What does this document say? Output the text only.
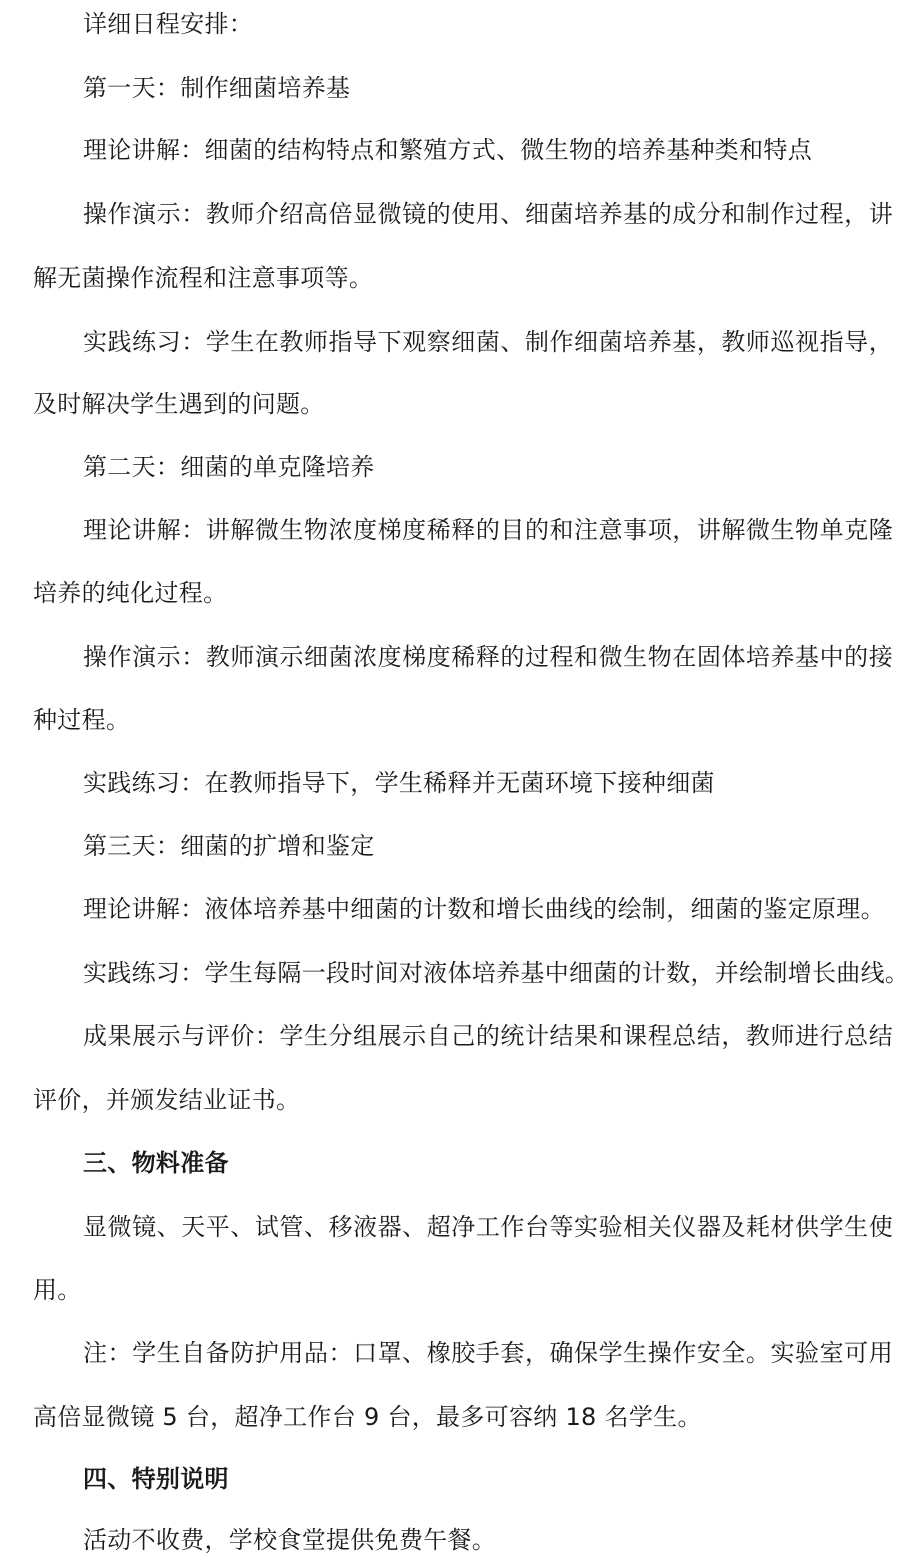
详细日程安排：
第一天：制作细菌培养基
理论讲解：细菌的结构特点和繁殖方式、微生物的培养基种类和特点
操作演示：教师介绍高倍显微镜的使用、细菌培养基的成分和制作过程，讲
解无菌操作流程和注意事项等。
实践练习：学生在教师指导下观察细菌、制作细菌培养基，教师巡视指导，
及时解决学生遇到的问题。
第二天：细菌的单克隆培养
理论讲解：讲解微生物浓度梯度稀释的目的和注意事项，讲解微生物单克隆
培养的纯化过程。
操作演示：教师演示细菌浓度梯度稀释的过程和微生物在固体培养基中的接
种过程。
实践练习：在教师指导下，学生稀释并无菌环境下接种细菌
第三天：细菌的扩增和鉴定
理论讲解：液体培养基中细菌的计数和增长曲线的绘制，细菌的鉴定原理。
实践练习：学生每隔一段时间对液体培养基中细菌的计数，并绘制增长曲线。
成果展示与评价：学生分组展示自己的统计结果和课程总结，教师进行总结
评价，并颁发结业证书。
三、物料准备
显微镜、天平、试管、移液器、超净工作台等实验相关仪器及耗材供学生使
用。
注：学生自备防护用品：口罩、橡胶手套，确保学生操作安全。实验室可用
高倍显微镜 5 台，超净工作台 9 台，最多可容纳 18 名学生。
四、特别说明
活动不收费，学校食堂提供免费午餐。
